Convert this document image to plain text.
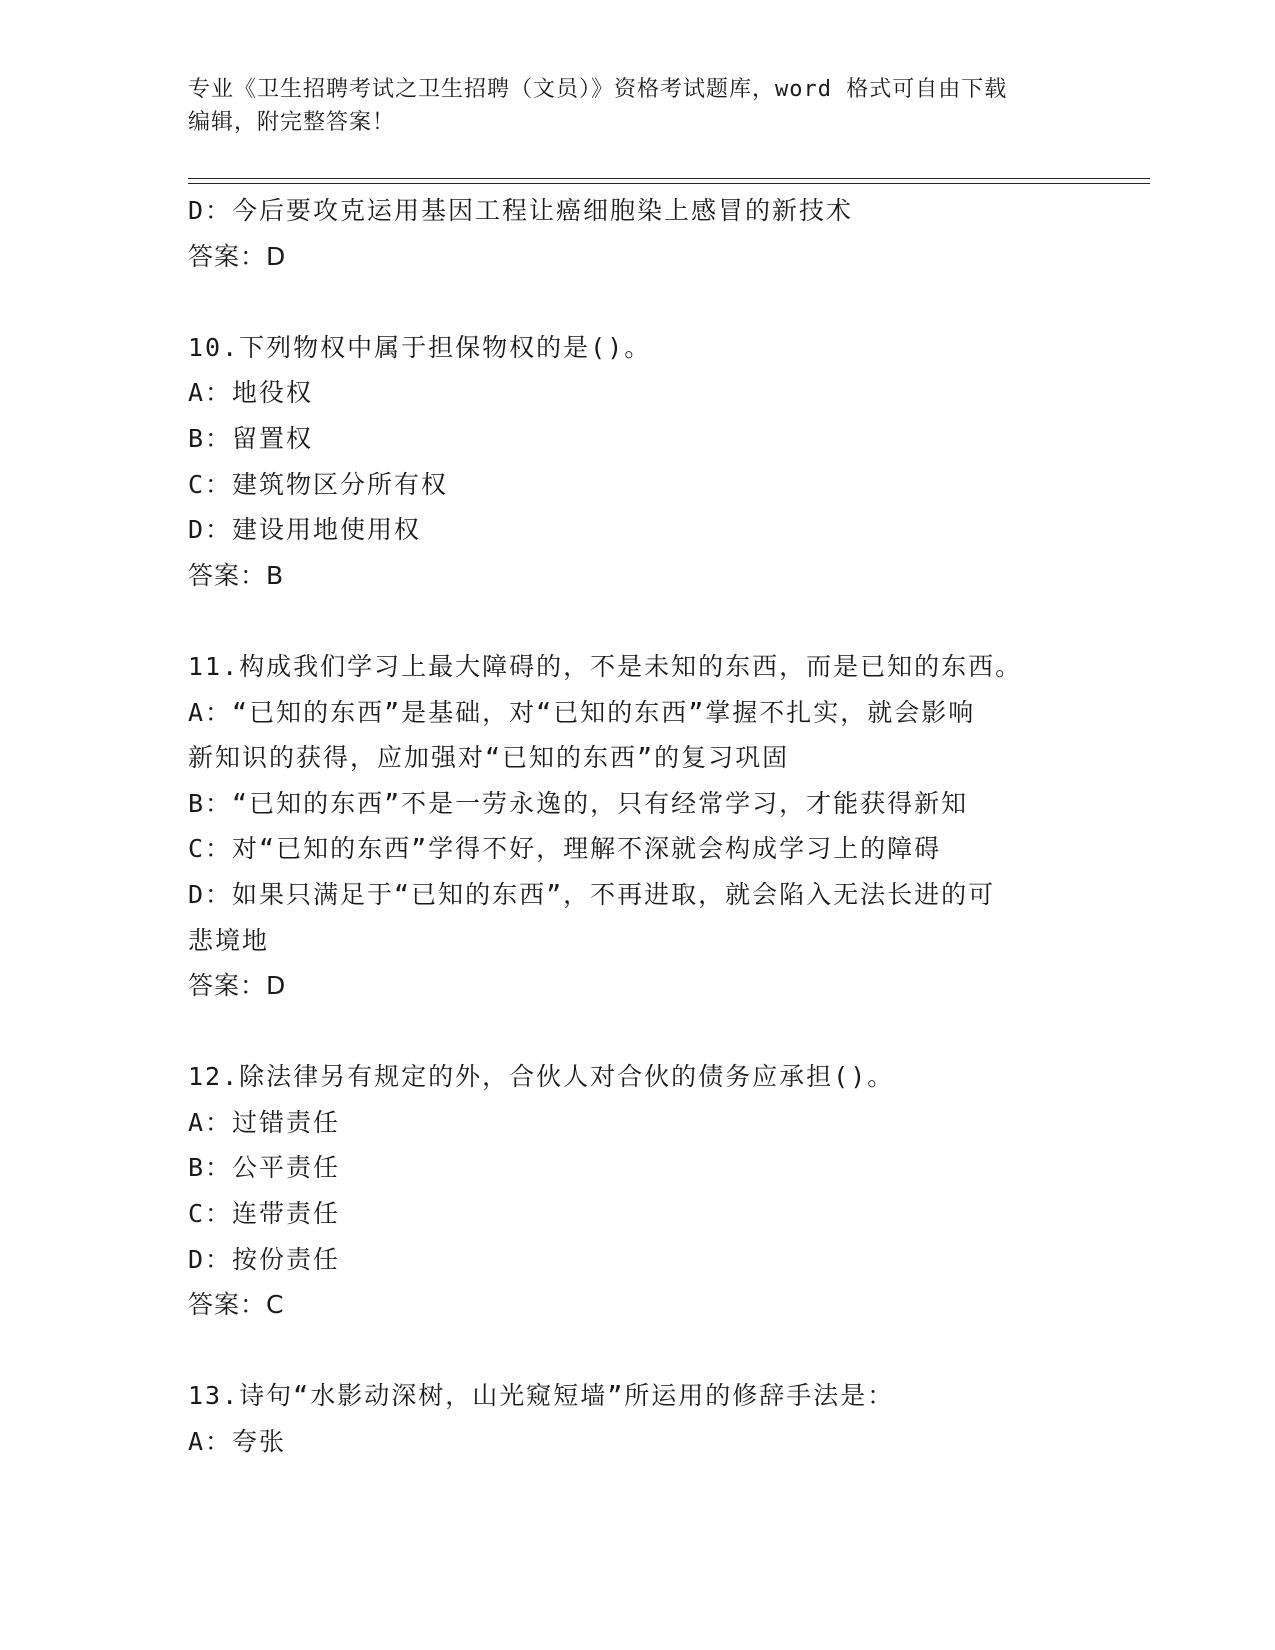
专业《卫生招聘考试之卫生招聘（文员）》资格考试题库，word 格式可自由下载
编辑，附完整答案！
D：今后要攻克运用基因工程让癌细胞染上感冒的新技术
答案：D
10.下列物权中属于担保物权的是()。
A：地役权
B：留置权
C：建筑物区分所有权
D：建设用地使用权
答案：B
11.构成我们学习上最大障碍的，不是未知的东西，而是已知的东西。
A：“已知的东西”是基础，对“已知的东西”掌握不扎实，就会影响
新知识的获得，应加强对“已知的东西”的复习巩固
B：“已知的东西”不是一劳永逸的，只有经常学习，才能获得新知
C：对“已知的东西”学得不好，理解不深就会构成学习上的障碍
D：如果只满足于“已知的东西”，不再进取，就会陷入无法长进的可
悲境地
答案：D
12.除法律另有规定的外，合伙人对合伙的债务应承担()。
A：过错责任
B：公平责任
C：连带责任
D：按份责任
答案：C
13.诗句“水影动深树，山光窥短墙”所运用的修辞手法是：
A：夸张
